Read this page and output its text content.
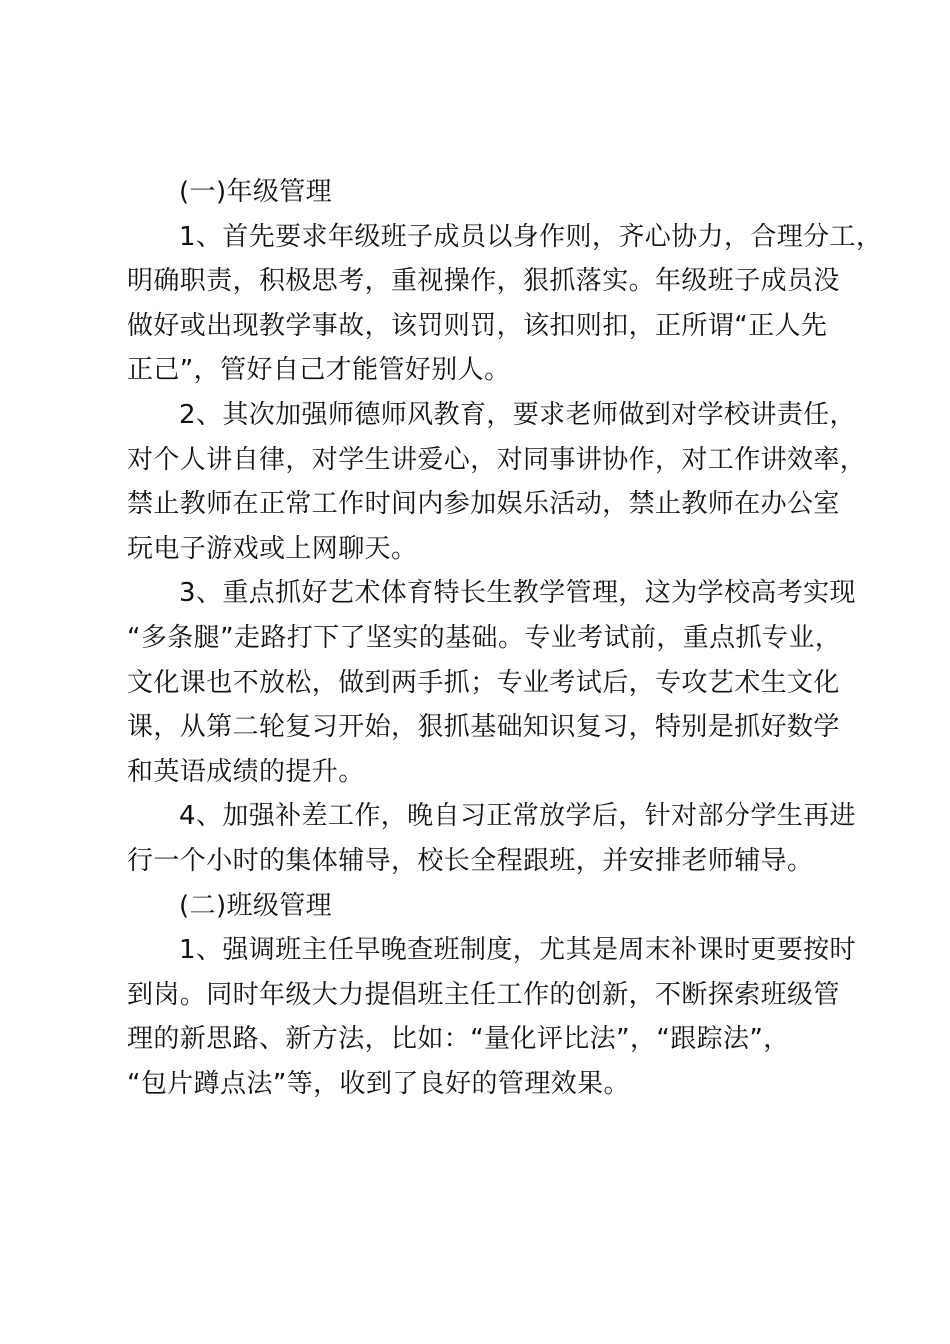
(一)年级管理
1、首先要求年级班子成员以身作则，齐心协力，合理分工，
明确职责，积极思考，重视操作，狠抓落实。年级班子成员没
做好或出现教学事故，该罚则罚，该扣则扣，正所谓“正人先
正己”，管好自己才能管好别人。
2、其次加强师德师风教育，要求老师做到对学校讲责任，
对个人讲自律，对学生讲爱心，对同事讲协作，对工作讲效率，
禁止教师在正常工作时间内参加娱乐活动，禁止教师在办公室
玩电子游戏或上网聊天。
3、重点抓好艺术体育特长生教学管理，这为学校高考实现
“多条腿”走路打下了坚实的基础。专业考试前，重点抓专业，
文化课也不放松，做到两手抓；专业考试后，专攻艺术生文化
课，从第二轮复习开始，狠抓基础知识复习，特别是抓好数学
和英语成绩的提升。
4、加强补差工作，晚自习正常放学后，针对部分学生再进
行一个小时的集体辅导，校长全程跟班，并安排老师辅导。
(二)班级管理
1、强调班主任早晚查班制度，尤其是周末补课时更要按时
到岗。同时年级大力提倡班主任工作的创新，不断探索班级管
理的新思路、新方法，比如：“量化评比法”，“跟踪法”，
“包片蹲点法”等，收到了良好的管理效果。
